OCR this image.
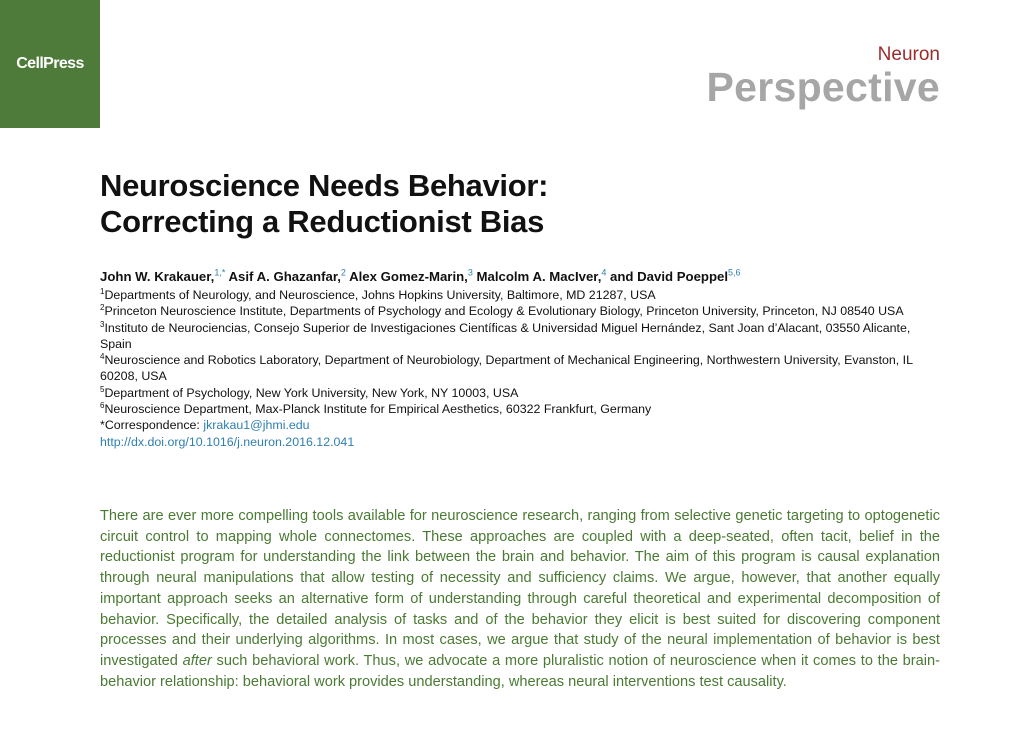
CellPress	Neuron
Perspective
Neuroscience Needs Behavior:
Correcting a Reductionist Bias
John W. Krakauer,$^{1,*}$ Asif A. Ghazanfar,$^2$ Alex Gomez-Marin,$^3$ Malcolm A. MacIver,$^4$ and David Poeppel$^{5,6}$

$^1$Departments of Neurology, and Neuroscience, Johns Hopkins University, Baltimore, MD 21287, USA

$^2$Princeton Neuroscience Institute, Departments of Psychology and Ecology & Evolutionary Biology, Princeton University, Princeton, NJ 08540 USA

$^3$Instituto de Neurociencias, Consejo Superior de Investigaciones Científicas & Universidad Miguel Hernández, Sant Joan d’Alacant, 03550 Alicante, Spain

$^4$Neuroscience and Robotics Laboratory, Department of Neurobiology, Department of Mechanical Engineering, Northwestern University, Evanston, IL 60208, USA

$^5$Department of Psychology, New York University, New York, NY 10003, USA

$^6$Neuroscience Department, Max-Planck Institute for Empirical Aesthetics, 60322 Frankfurt, Germany

*Correspondence: jkrakau1@jhmi.edu

http://dx.doi.org/10.1016/j.neuron.2016.12.041

There are ever more compelling tools available for neuroscience research, ranging from selective genetic targeting to optogenetic circuit control to mapping whole connectomes. These approaches are coupled with a deep-seated, often tacit, belief in the reductionist program for understanding the link between the brain and behavior. The aim of this program is causal explanation through neural manipulations that allow testing of necessity and sufficiency claims. We argue, however, that another equally important approach seeks an alternative form of understanding through careful theoretical and experimental decomposition of behavior. Specifically, the detailed analysis of tasks and of the behavior they elicit is best suited for discovering component processes and their underlying algorithms. In most cases, we argue that study of the neural implementation of behavior is best investigated after such behavioral work. Thus, we advocate a more pluralistic notion of neuroscience when it comes to the brain-behavior relationship: behavioral work provides understanding, whereas neural interventions test causality.
